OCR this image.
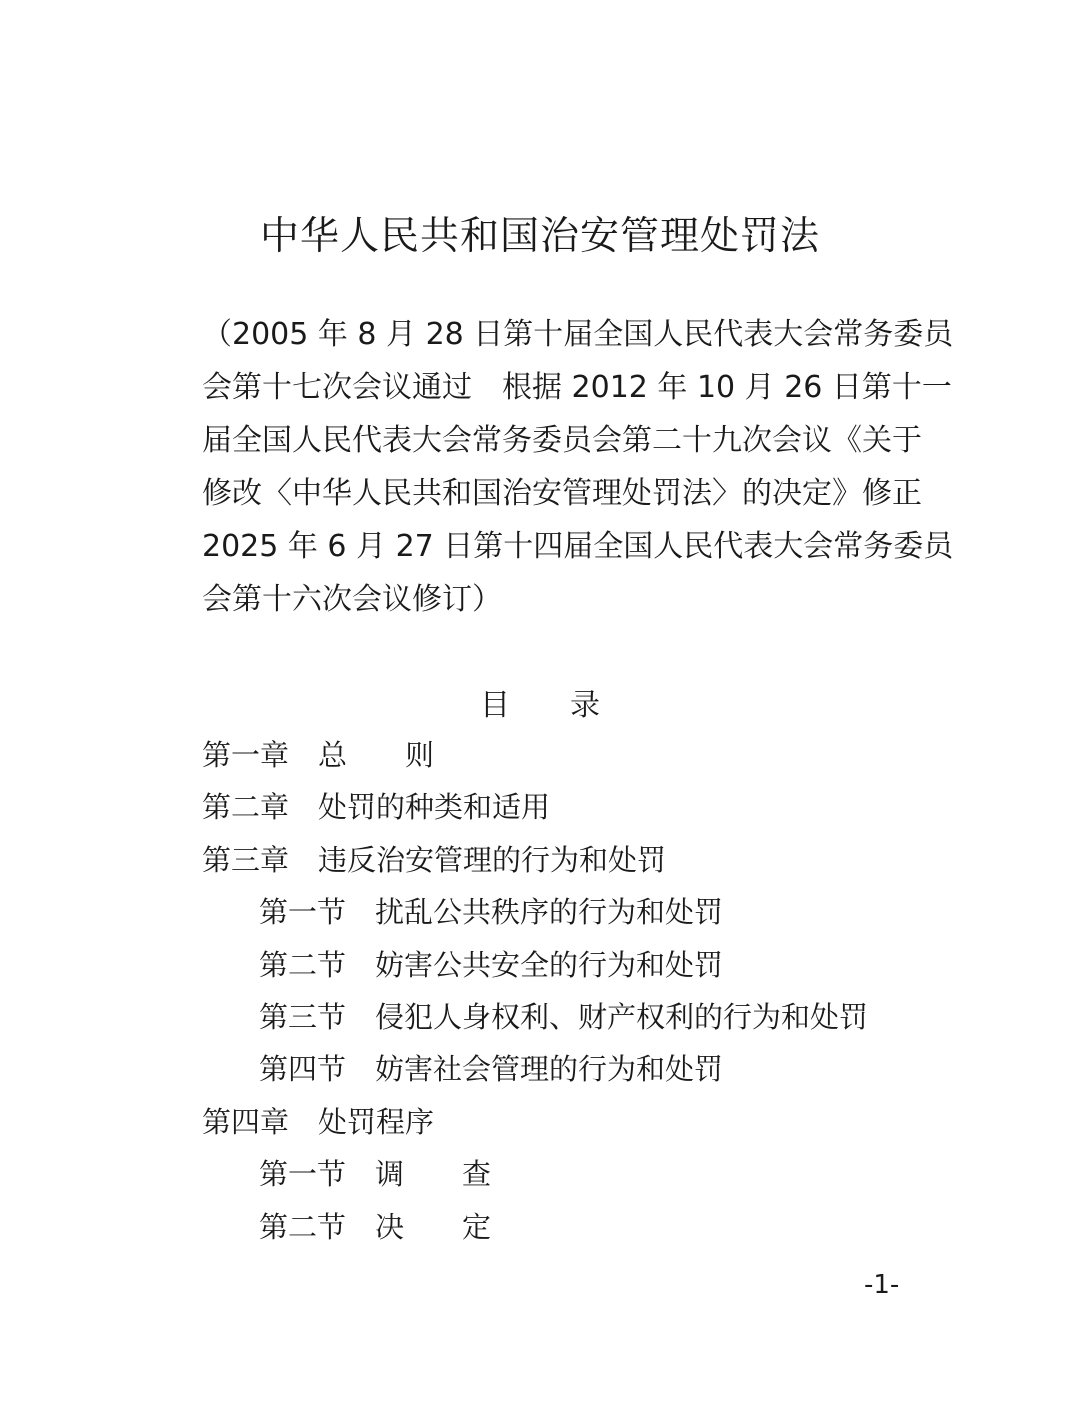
中华人民共和国治安管理处罚法
（2005 年 8 月 28 日第十届全国人民代表大会常务委员
会第十七次会议通过　根据 2012 年 10 月 26 日第十一
届全国人民代表大会常务委员会第二十九次会议《关于
修改〈中华人民共和国治安管理处罚法〉的决定》修正
2025 年 6 月 27 日第十四届全国人民代表大会常务委员
会第十六次会议修订）
目　　录
第一章 总　　则
第二章 处罚的种类和适用
第三章 违反治安管理的行为和处罚
第一节 扰乱公共秩序的行为和处罚
第二节 妨害公共安全的行为和处罚
第三节 侵犯人身权利、财产权利的行为和处罚
第四节 妨害社会管理的行为和处罚
第四章 处罚程序
第一节 调　　查
第二节 决　　定
-1-
